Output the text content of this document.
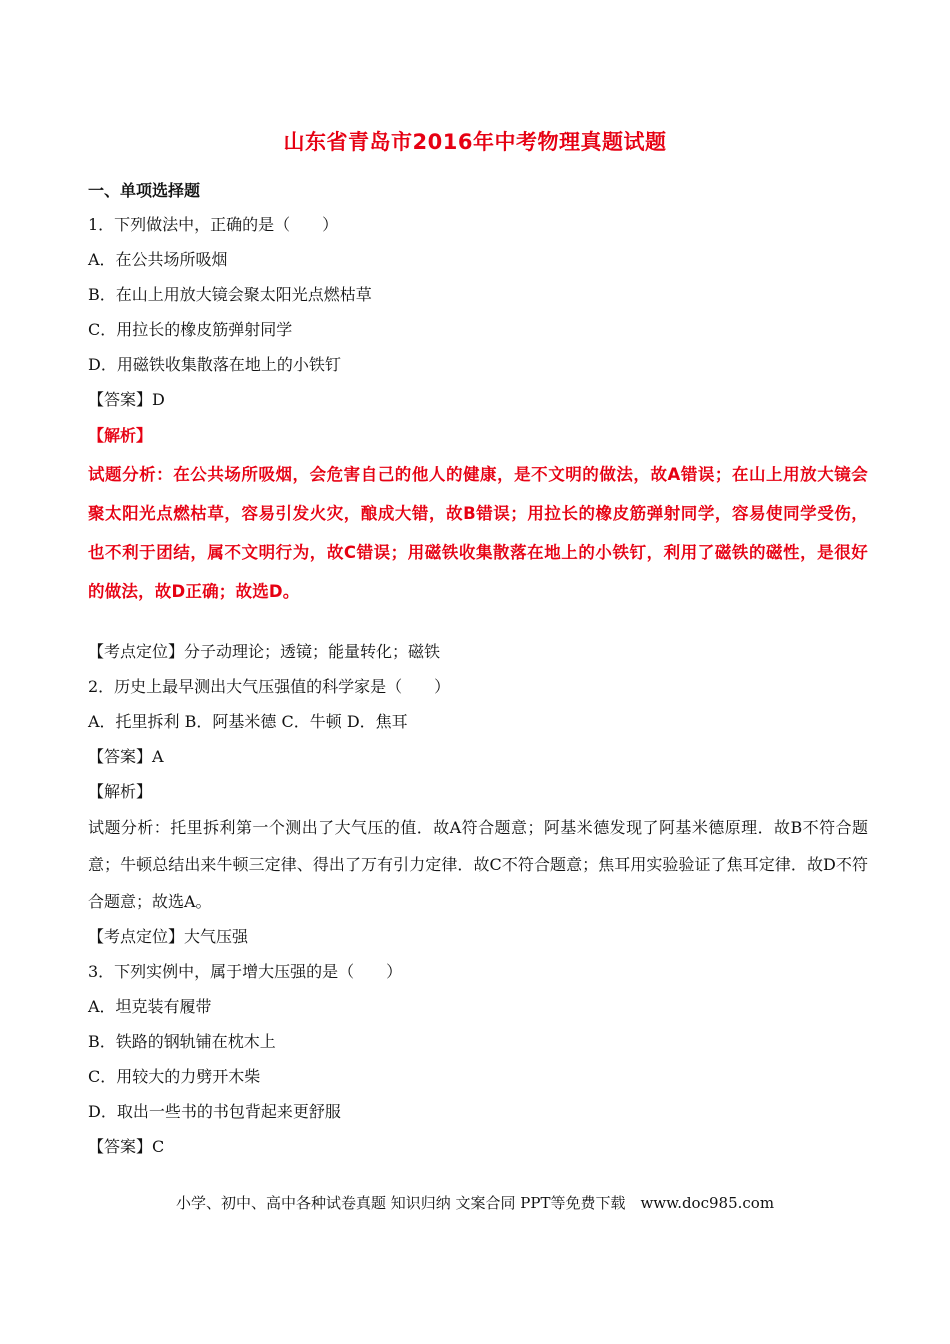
山东省青岛市2016年中考物理真题试题
一、单项选择题
1．下列做法中，正确的是（　　）
A．在公共场所吸烟
B．在山上用放大镜会聚太阳光点燃枯草
C．用拉长的橡皮筋弹射同学
D．用磁铁收集散落在地上的小铁钉
【答案】D
【解析】
试题分析：在公共场所吸烟，会危害自己的他人的健康，是不文明的做法，故A错误；在山上用放大镜会聚太阳光点燃枯草，容易引发火灾，酿成大错，故B错误；用拉长的橡皮筋弹射同学，容易使同学受伤，也不利于团结，属不文明行为，故C错误；用磁铁收集散落在地上的小铁钉，利用了磁铁的磁性，是很好的做法，故D正确；故选D。
【考点定位】分子动理论；透镜；能量转化；磁铁
2．历史上最早测出大气压强值的科学家是（　　）
A．托里拆利 B．阿基米德 C．牛顿 D．焦耳
【答案】A
【解析】
试题分析：托里拆利第一个测出了大气压的值．故A符合题意；阿基米德发现了阿基米德原理．故B不符合题意；牛顿总结出来牛顿三定律、得出了万有引力定律．故C不符合题意；焦耳用实验验证了焦耳定律．故D不符合题意；故选A。
【考点定位】大气压强
3．下列实例中，属于增大压强的是（　　）
A．坦克装有履带
B．铁路的钢轨铺在枕木上
C．用较大的力劈开木柴
D．取出一些书的书包背起来更舒服
【答案】C
小学、初中、高中各种试卷真题 知识归纳 文案合同 PPT等免费下载　www.doc985.com
